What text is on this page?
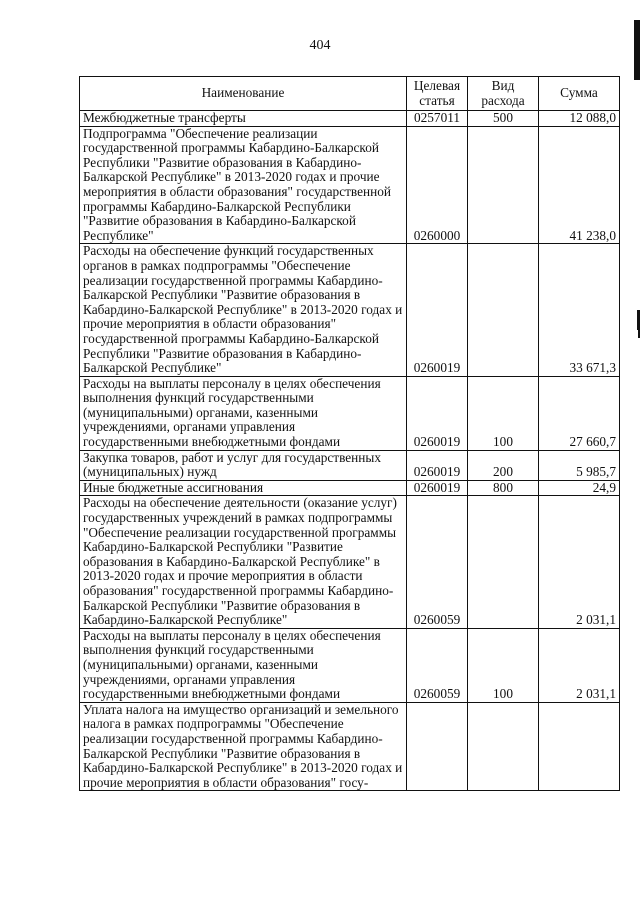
404
Наименование	Целевая статья	Вид расхода	Сумма
Межбюджетные трансферты	0257011	500	12 088,0
Подпрограмма "Обеспечение реализации государственной программы Кабардино-Балкарской Республики "Развитие образования в Кабардино-Балкарской Республике" в 2013-2020 годах и прочие мероприятия в области образования" государственной программы Кабардино-Балкарской Республики "Развитие образования в Кабардино-Балкарской Республике"	0260000		41 238,0
Расходы на обеспечение функций государственных органов в рамках подпрограммы "Обеспечение реализации государственной программы Кабардино-Балкарской Республики "Развитие образования в Кабардино-Балкарской Республике" в 2013-2020 годах и прочие мероприятия в области образования" государственной программы Кабардино-Балкарской Республики "Развитие образования в Кабардино-Балкарской Республике"	0260019		33 671,3
Расходы на выплаты персоналу в целях обеспечения выполнения функций государственными (муниципальными) органами, казенными учреждениями, органами управления государственными внебюджетными фондами	0260019	100	27 660,7
Закупка товаров, работ и услуг для государственных (муниципальных) нужд	0260019	200	5 985,7
Иные бюджетные ассигнования	0260019	800	24,9
Расходы на обеспечение деятельности (оказание услуг) государственных учреждений в рамках подпрограммы "Обеспечение реализации государственной программы Кабардино-Балкарской Республики "Развитие образования в Кабардино-Балкарской Республике" в 2013-2020 годах и прочие мероприятия в области образования" государственной программы Кабардино-Балкарской Республики "Развитие образования в Кабардино-Балкарской Республике"	0260059		2 031,1
Расходы на выплаты персоналу в целях обеспечения выполнения функций государственными (муниципальными) органами, казенными учреждениями, органами управления государственными внебюджетными фондами	0260059	100	2 031,1
Уплата налога на имущество организаций и земельного налога в рамках подпрограммы "Обеспечение реализации государственной программы Кабардино-Балкарской Республики "Развитие образования в Кабардино-Балкарской Республике" в 2013-2020 годах и прочие мероприятия в области образования" госу-			
